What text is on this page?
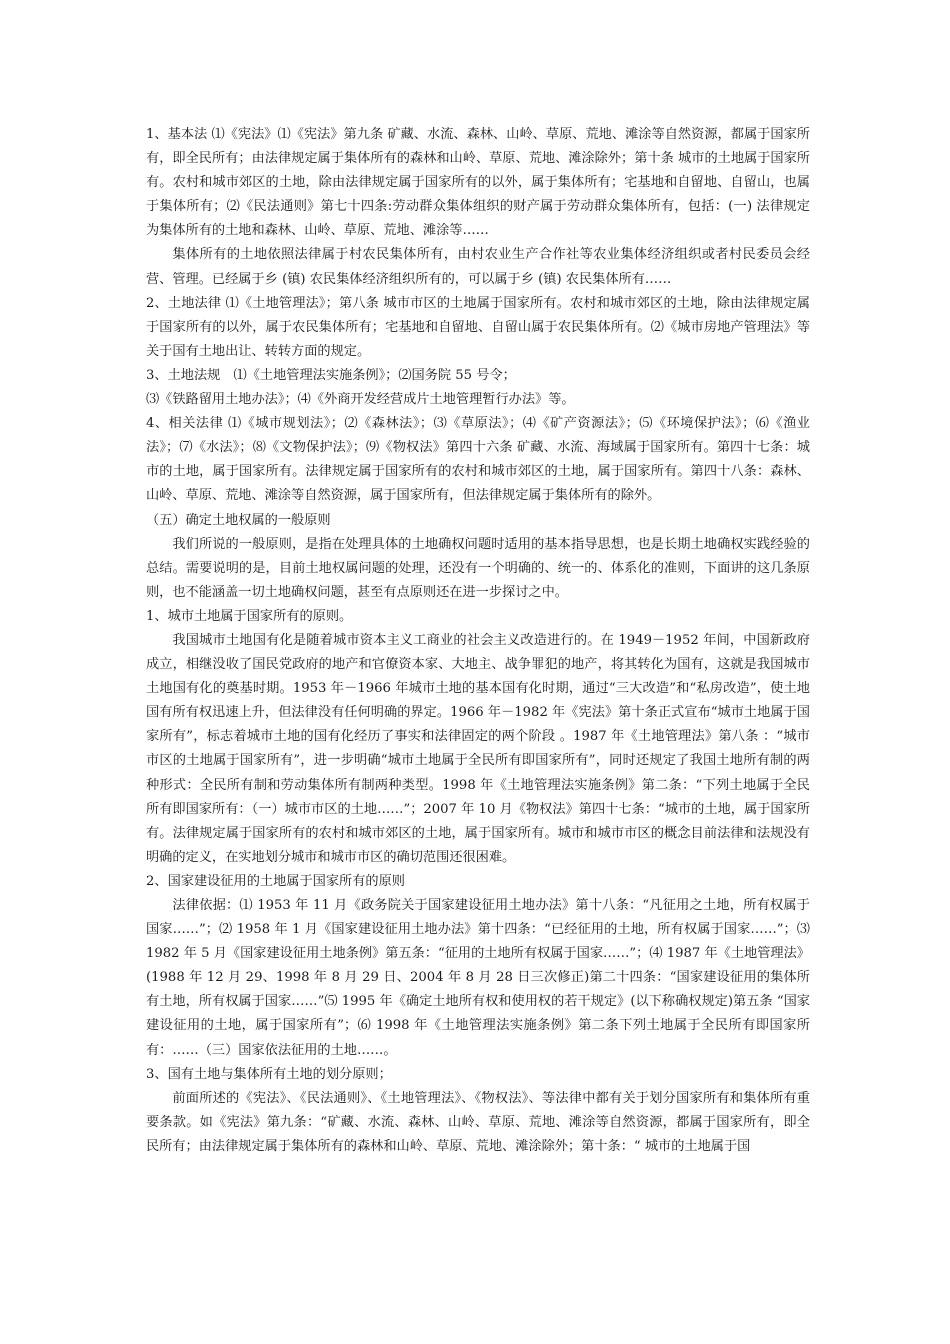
1、基本法 ⑴《宪法》⑴《宪法》第九条 矿藏、水流、森林、山岭、草原、荒地、滩涂等自然资源，都属于国家所有，即全民所有；由法律规定属于集体所有的森林和山岭、草原、荒地、滩涂除外；第十条 城市的土地属于国家所有。农村和城市郊区的土地，除由法律规定属于国家所有的以外，属于集体所有；宅基地和自留地、自留山，也属于集体所有；⑵《民法通则》第七十四条:劳动群众集体组织的财产属于劳动群众集体所有，包括：(一) 法律规定为集体所有的土地和森林、山岭、草原、荒地、滩涂等……

集体所有的土地依照法律属于村农民集体所有，由村农业生产合作社等农业集体经济组织或者村民委员会经营、管理。已经属于乡 (镇) 农民集体经济组织所有的，可以属于乡 (镇) 农民集体所有……

2、土地法律 ⑴《土地管理法》；第八条 城市市区的土地属于国家所有。农村和城市郊区的土地，除由法律规定属于国家所有的以外，属于农民集体所有；宅基地和自留地、自留山属于农民集体所有。⑵《城市房地产管理法》等关于国有土地出让、转转方面的规定。

3、土地法规　⑴《土地管理法实施条例》；⑵国务院 55 号令；

⑶《铁路留用土地办法》；⑷《外商开发经营成片土地管理暂行办法》等。

4、相关法律 ⑴《城市规划法》；⑵《森林法》；⑶《草原法》；⑷《矿产资源法》；⑸《环境保护法》；⑹《渔业法》；⑺《水法》；⑻《文物保护法》；⑼《物权法》第四十六条 矿藏、水流、海域属于国家所有。第四十七条：城市的土地，属于国家所有。法律规定属于国家所有的农村和城市郊区的土地，属于国家所有。第四十八条：森林、山岭、草原、荒地、滩涂等自然资源，属于国家所有，但法律规定属于集体所有的除外。

（五）确定土地权属的一般原则

我们所说的一般原则，是指在处理具体的土地确权问题时适用的基本指导思想，也是长期土地确权实践经验的总结。需要说明的是，目前土地权属问题的处理，还没有一个明确的、统一的、体系化的准则，下面讲的这几条原则，也不能涵盖一切土地确权问题，甚至有点原则还在进一步探讨之中。

1、城市土地属于国家所有的原则。

我国城市土地国有化是随着城市资本主义工商业的社会主义改造进行的。在 1949－1952 年间，中国新政府成立，相继没收了国民党政府的地产和官僚资本家、大地主、战争罪犯的地产，将其转化为国有，这就是我国城市土地国有化的奠基时期。1953 年－1966 年城市土地的基本国有化时期，通过“三大改造”和“私房改造”，使土地国有所有权迅速上升，但法律没有任何明确的界定。1966 年－1982 年《宪法》第十条正式宣布“城市土地属于国家所有”，标志着城市土地的国有化经历了事实和法律固定的两个阶段 。1987 年《土地管理法》第八条 ：“城市市区的土地属于国家所有”，进一步明确“城市土地属于全民所有即国家所有”，同时还规定了我国土地所有制的两种形式：全民所有制和劳动集体所有制两种类型。1998 年《土地管理法实施条例》第二条：“下列土地属于全民所有即国家所有：（一）城市市区的土地……”；2007 年 10 月《物权法》第四十七条：“城市的土地，属于国家所有。法律规定属于国家所有的农村和城市郊区的土地，属于国家所有。城市和城市市区的概念目前法律和法规没有明确的定义，在实地划分城市和城市市区的确切范围还很困难。

2、国家建设征用的土地属于国家所有的原则

法律依据：⑴ 1953 年 11 月《政务院关于国家建设征用土地办法》第十八条：“凡征用之土地，所有权属于国家……”；⑵ 1958 年 1 月《国家建设征用土地办法》第十四条：“已经征用的土地，所有权属于国家……”；⑶ 1982 年 5 月《国家建设征用土地条例》第五条：“征用的土地所有权属于国家……”；⑷ 1987 年《土地管理法》(1988 年 12 月 29、1998 年 8 月 29 日、2004 年 8 月 28 日三次修正)第二十四条：“国家建设征用的集体所有土地，所有权属于国家……”⑸ 1995 年《确定土地所有权和使用权的若干规定》(以下称确权规定)第五条 “国家建设征用的土地，属于国家所有”；⑹ 1998 年《土地管理法实施条例》第二条下列土地属于全民所有即国家所有：……（三）国家依法征用的土地……。

3、国有土地与集体所有土地的划分原则；

前面所述的《宪法》、《民法通则》、《土地管理法》、《物权法》、等法律中都有关于划分国家所有和集体所有重要条款。如《宪法》第九条：“矿藏、水流、森林、山岭、草原、荒地、滩涂等自然资源，都属于国家所有，即全民所有；由法律规定属于集体所有的森林和山岭、草原、荒地、滩涂除外；第十条：“ 城市的土地属于国
